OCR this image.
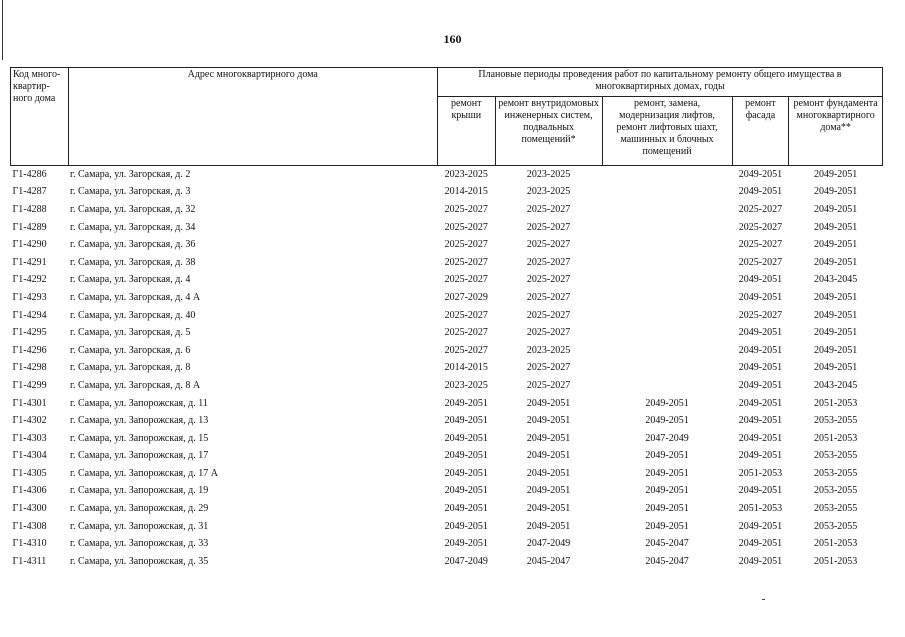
160
Код много-квартир-ного дома	Адрес многоквартирного дома	Плановые периоды проведения работ по капитальному ремонту общего имущества в многоквартирных домах, годы				
		ремонт крыши	ремонт внутридомовых инженерных систем, подвальных помещений*	ремонт, замена, модернизация лифтов, ремонт лифтовых шахт, машинных и блочных помещений	ремонт фасада	ремонт фундамента многоквартирного дома**
Г1-4286	г. Самара, ул. Загорская, д. 2	2023-2025	2023-2025		2049-2051	2049-2051
Г1-4287	г. Самара, ул. Загорская, д. 3	2014-2015	2023-2025		2049-2051	2049-2051
Г1-4288	г. Самара, ул. Загорская, д. 32	2025-2027	2025-2027		2025-2027	2049-2051
Г1-4289	г. Самара, ул. Загорская, д. 34	2025-2027	2025-2027		2025-2027	2049-2051
Г1-4290	г. Самара, ул. Загорская, д. 36	2025-2027	2025-2027		2025-2027	2049-2051
Г1-4291	г. Самара, ул. Загорская, д. 38	2025-2027	2025-2027		2025-2027	2049-2051
Г1-4292	г. Самара, ул. Загорская, д. 4	2025-2027	2025-2027		2049-2051	2043-2045
Г1-4293	г. Самара, ул. Загорская, д. 4 А	2027-2029	2025-2027		2049-2051	2049-2051
Г1-4294	г. Самара, ул. Загорская, д. 40	2025-2027	2025-2027		2025-2027	2049-2051
Г1-4295	г. Самара, ул. Загорская, д. 5	2025-2027	2025-2027		2049-2051	2049-2051
Г1-4296	г. Самара, ул. Загорская, д. 6	2025-2027	2023-2025		2049-2051	2049-2051
Г1-4298	г. Самара, ул. Загорская, д. 8	2014-2015	2025-2027		2049-2051	2049-2051
Г1-4299	г. Самара, ул. Загорская, д. 8 А	2023-2025	2025-2027		2049-2051	2043-2045
Г1-4301	г. Самара, ул. Запорожская, д. 11	2049-2051	2049-2051	2049-2051	2049-2051	2051-2053
Г1-4302	г. Самара, ул. Запорожская, д. 13	2049-2051	2049-2051	2049-2051	2049-2051	2053-2055
Г1-4303	г. Самара, ул. Запорожская, д. 15	2049-2051	2049-2051	2047-2049	2049-2051	2051-2053
Г1-4304	г. Самара, ул. Запорожская, д. 17	2049-2051	2049-2051	2049-2051	2049-2051	2053-2055
Г1-4305	г. Самара, ул. Запорожская, д. 17 А	2049-2051	2049-2051	2049-2051	2051-2053	2053-2055
Г1-4306	г. Самара, ул. Запорожская, д. 19	2049-2051	2049-2051	2049-2051	2049-2051	2053-2055
Г1-4300	г. Самара, ул. Запорожская, д. 29	2049-2051	2049-2051	2049-2051	2051-2053	2053-2055
Г1-4308	г. Самара, ул. Запорожская, д. 31	2049-2051	2049-2051	2049-2051	2049-2051	2053-2055
Г1-4310	г. Самара, ул. Запорожская, д. 33	2049-2051	2047-2049	2045-2047	2049-2051	2051-2053
Г1-4311	г. Самара, ул. Запорожская, д. 35	2047-2049	2045-2047	2045-2047	2049-2051	2051-2053
